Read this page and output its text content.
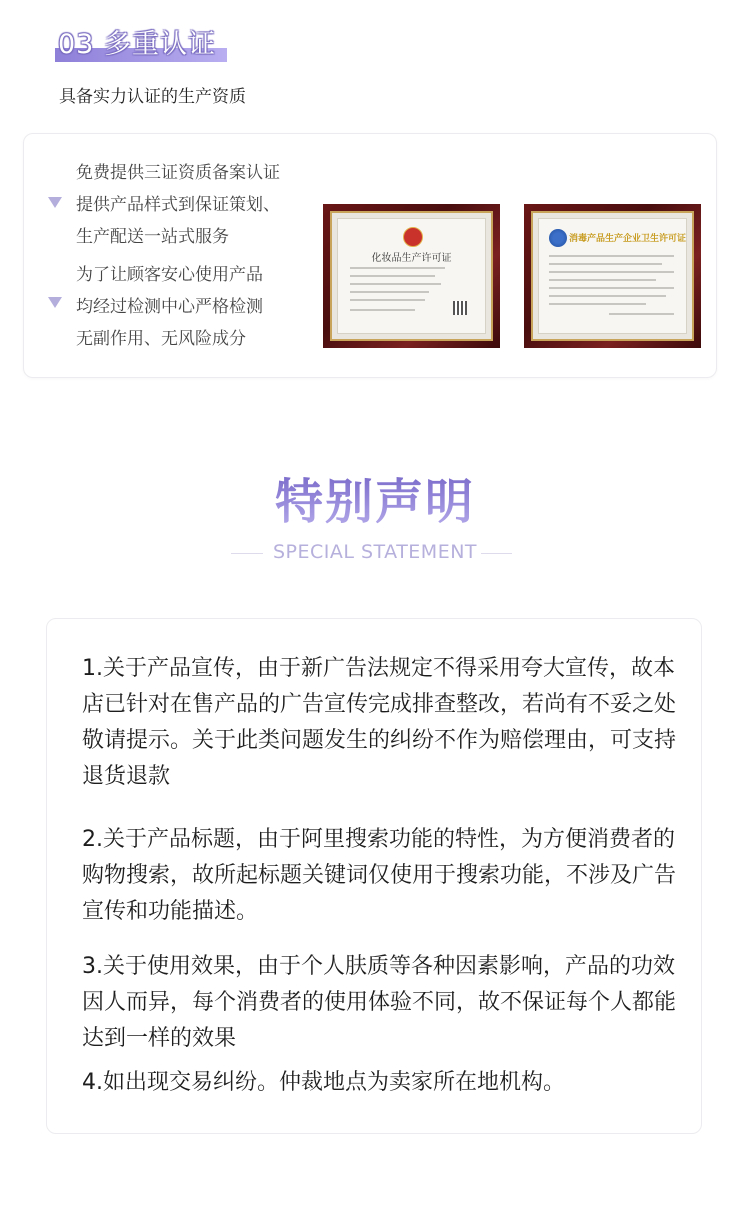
03 多重认证
具备实力认证的生产资质
免费提供三证资质备案认证
提供产品样式到保证策划、
生产配送一站式服务
为了让顾客安心使用产品
均经过检测中心严格检测
无副作用、无风险成分
化妆品生产许可证
消毒产品生产企业卫生许可证
特别声明
SPECIAL STATEMENT
1.关于产品宣传，由于新广告法规定不得采用夸大宣传，故本店已针对在售产品的广告宣传完成排查整改，若尚有不妥之处敬请提示。关于此类问题发生的纠纷不作为赔偿理由，可支持退货退款
2.关于产品标题，由于阿里搜索功能的特性，为方便消费者的购物搜索，故所起标题关键词仅使用于搜索功能，不涉及广告宣传和功能描述。
3.关于使用效果，由于个人肤质等各种因素影响，产品的功效因人而异，每个消费者的使用体验不同，故不保证每个人都能达到一样的效果
4.如出现交易纠纷。仲裁地点为卖家所在地机构。
